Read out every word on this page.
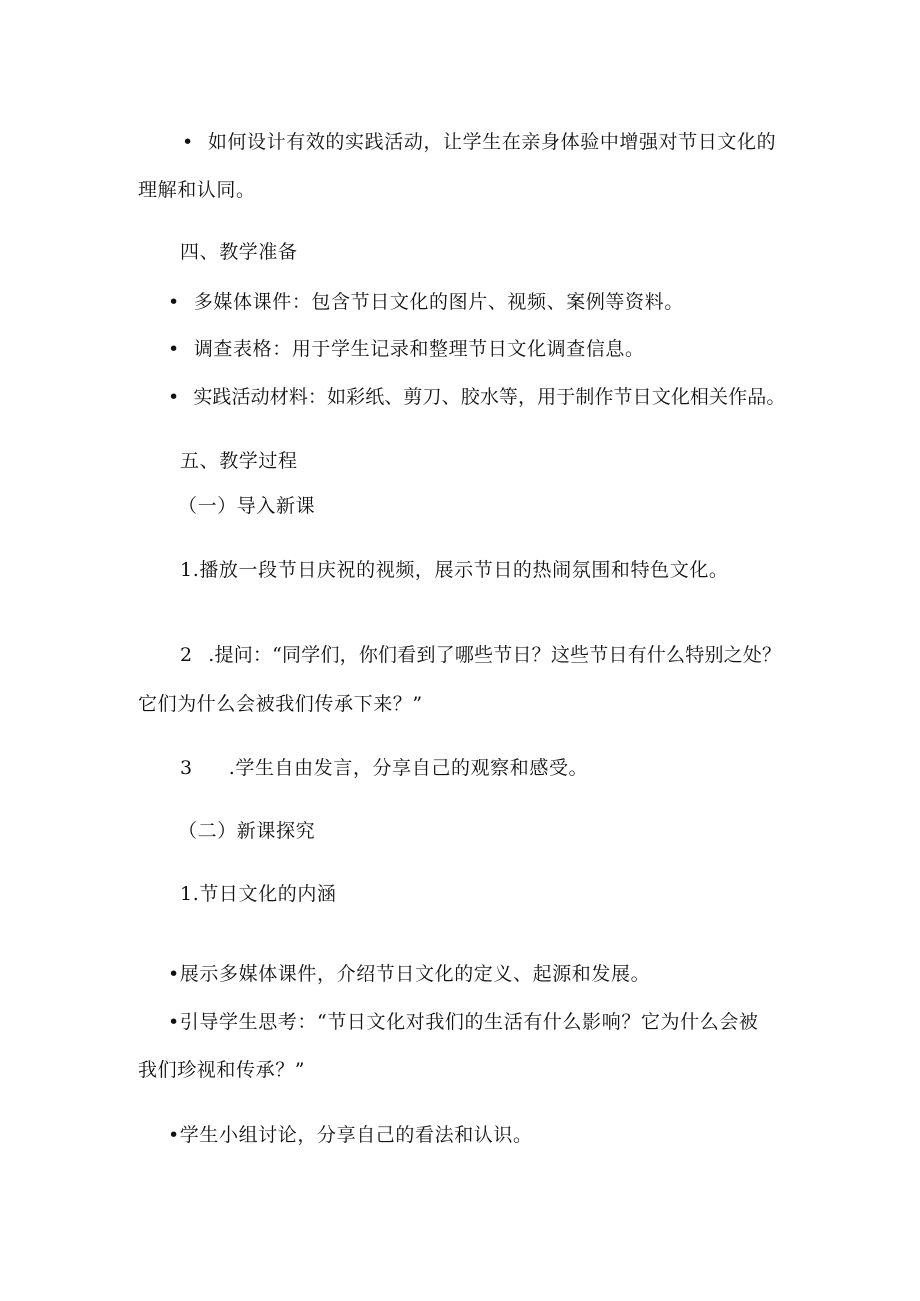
• 如何设计有效的实践活动，让学生在亲身体验中增强对节日文化的
理解和认同。
四、教学准备
• 多媒体课件：包含节日文化的图片、视频、案例等资料。
• 调查表格：用于学生记录和整理节日文化调查信息。
• 实践活动材料：如彩纸、剪刀、胶水等，用于制作节日文化相关作品。
五、教学过程
（一）导入新课
1.播放一段节日庆祝的视频，展示节日的热闹氛围和特色文化。
2 .提问：“同学们，你们看到了哪些节日？这些节日有什么特别之处？
它们为什么会被我们传承下来？”
3 .学生自由发言，分享自己的观察和感受。
（二）新课探究
1.节日文化的内涵
•展示多媒体课件，介绍节日文化的定义、起源和发展。
•引导学生思考：“节日文化对我们的生活有什么影响？它为什么会被
我们珍视和传承？”
•学生小组讨论，分享自己的看法和认识。
